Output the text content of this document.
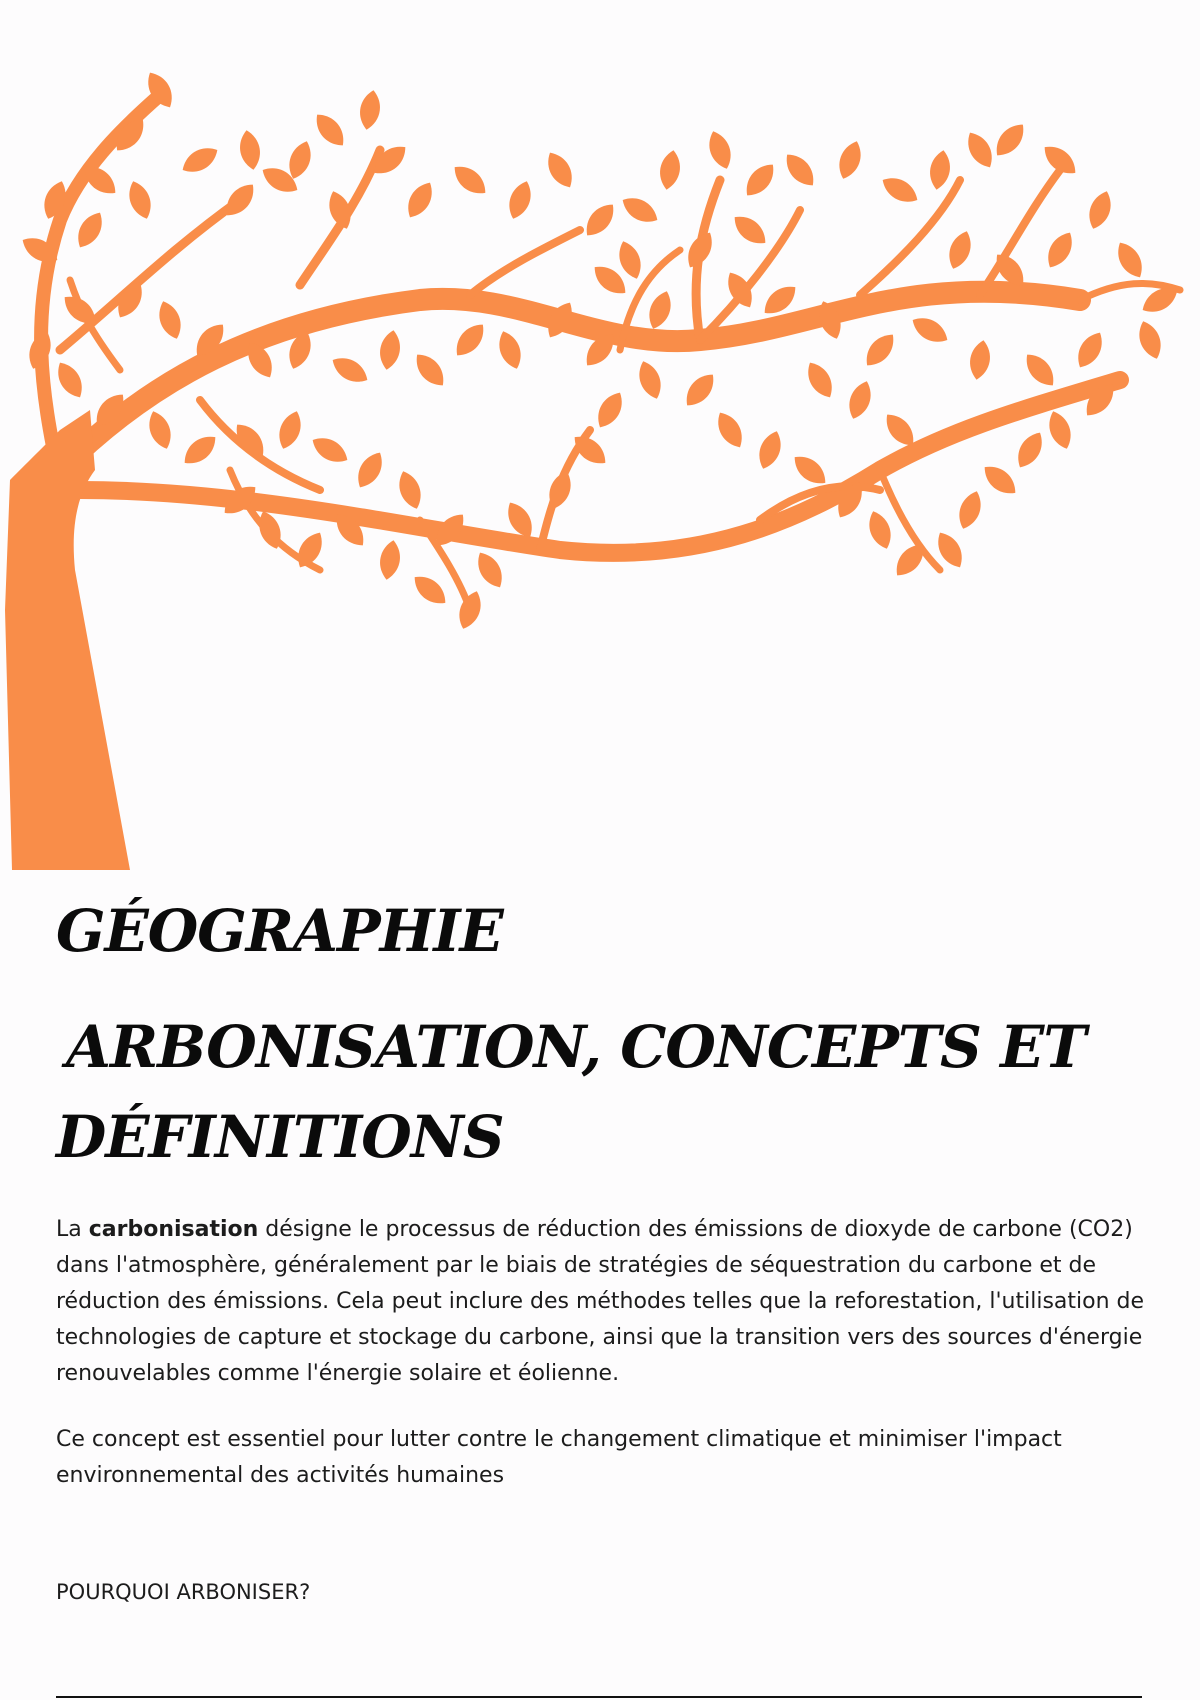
GÉOGRAPHIE
ARBONISATION, CONCEPTS ET
DÉFINITIONS

La carbonisation désigne le processus de réduction des émissions de dioxyde de carbone (CO2) dans l'atmosphère, généralement par le biais de stratégies de séquestration du carbone et de réduction des émissions. Cela peut inclure des méthodes telles que la reforestation, l'utilisation de technologies de capture et stockage du carbone, ainsi que la transition vers des sources d'énergie renouvelables comme l'énergie solaire et éolienne.

Ce concept est essentiel pour lutter contre le changement climatique et minimiser l'impact environnemental des activités humaines

POURQUOI ARBONISER?
